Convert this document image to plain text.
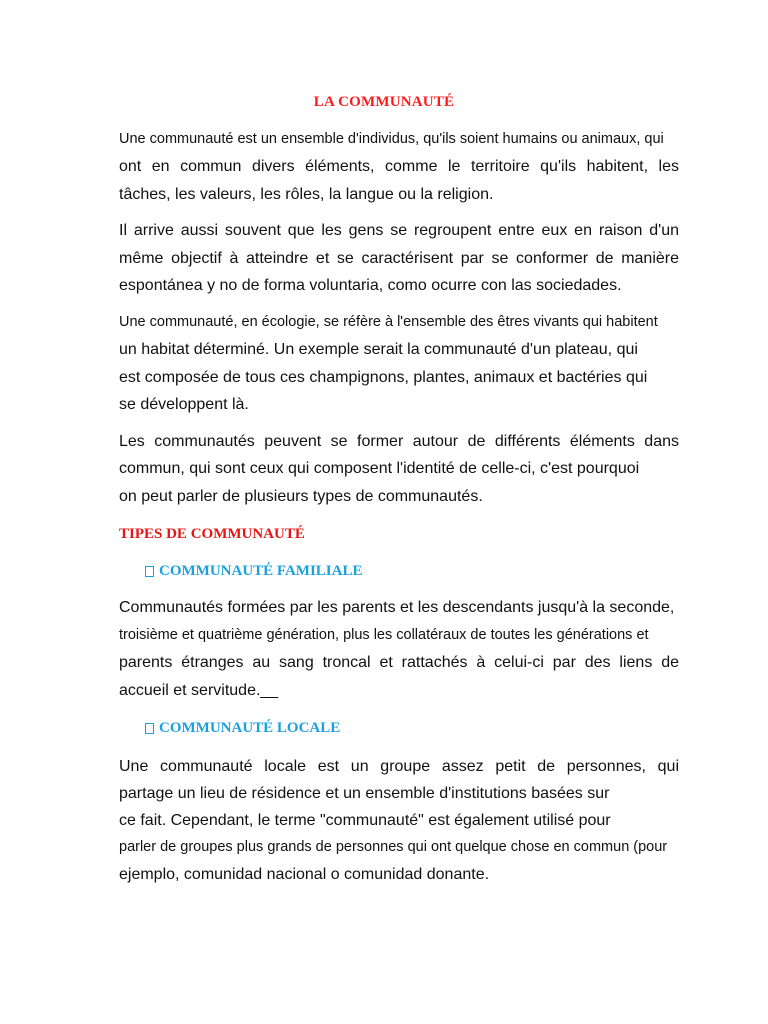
LA COMMUNAUTÉ
Une communauté est un ensemble d'individus, qu'ils soient humains ou animaux, qui
ont en commun divers éléments, comme le territoire qu'ils habitent, les
tâches, les valeurs, les rôles, la langue ou la religion.
Il arrive aussi souvent que les gens se regroupent entre eux en raison d'un
même objectif à atteindre et se caractérisent par se conformer de manière
espontánea y no de forma voluntaria, como ocurre con las sociedades.
Une communauté, en écologie, se réfère à l'ensemble des êtres vivants qui habitent
un habitat déterminé. Un exemple serait la communauté d'un plateau, qui
est composée de tous ces champignons, plantes, animaux et bactéries qui
se développent là.
Les communautés peuvent se former autour de différents éléments dans
commun, qui sont ceux qui composent l'identité de celle-ci, c'est pourquoi
on peut parler de plusieurs types de communautés.
TIPES DE COMMUNAUTÉ
COMMUNAUTÉ FAMILIALE
Communautés formées par les parents et les descendants jusqu'à la seconde,
troisième et quatrième génération, plus les collatéraux de toutes les générations et
parents étranges au sang troncal et rattachés à celui-ci par des liens de
accueil et servitude.__
COMMUNAUTÉ LOCALE
Une communauté locale est un groupe assez petit de personnes, qui
partage un lieu de résidence et un ensemble d'institutions basées sur
ce fait. Cependant, le terme "communauté" est également utilisé pour
parler de groupes plus grands de personnes qui ont quelque chose en commun (pour
ejemplo, comunidad nacional o comunidad donante.
